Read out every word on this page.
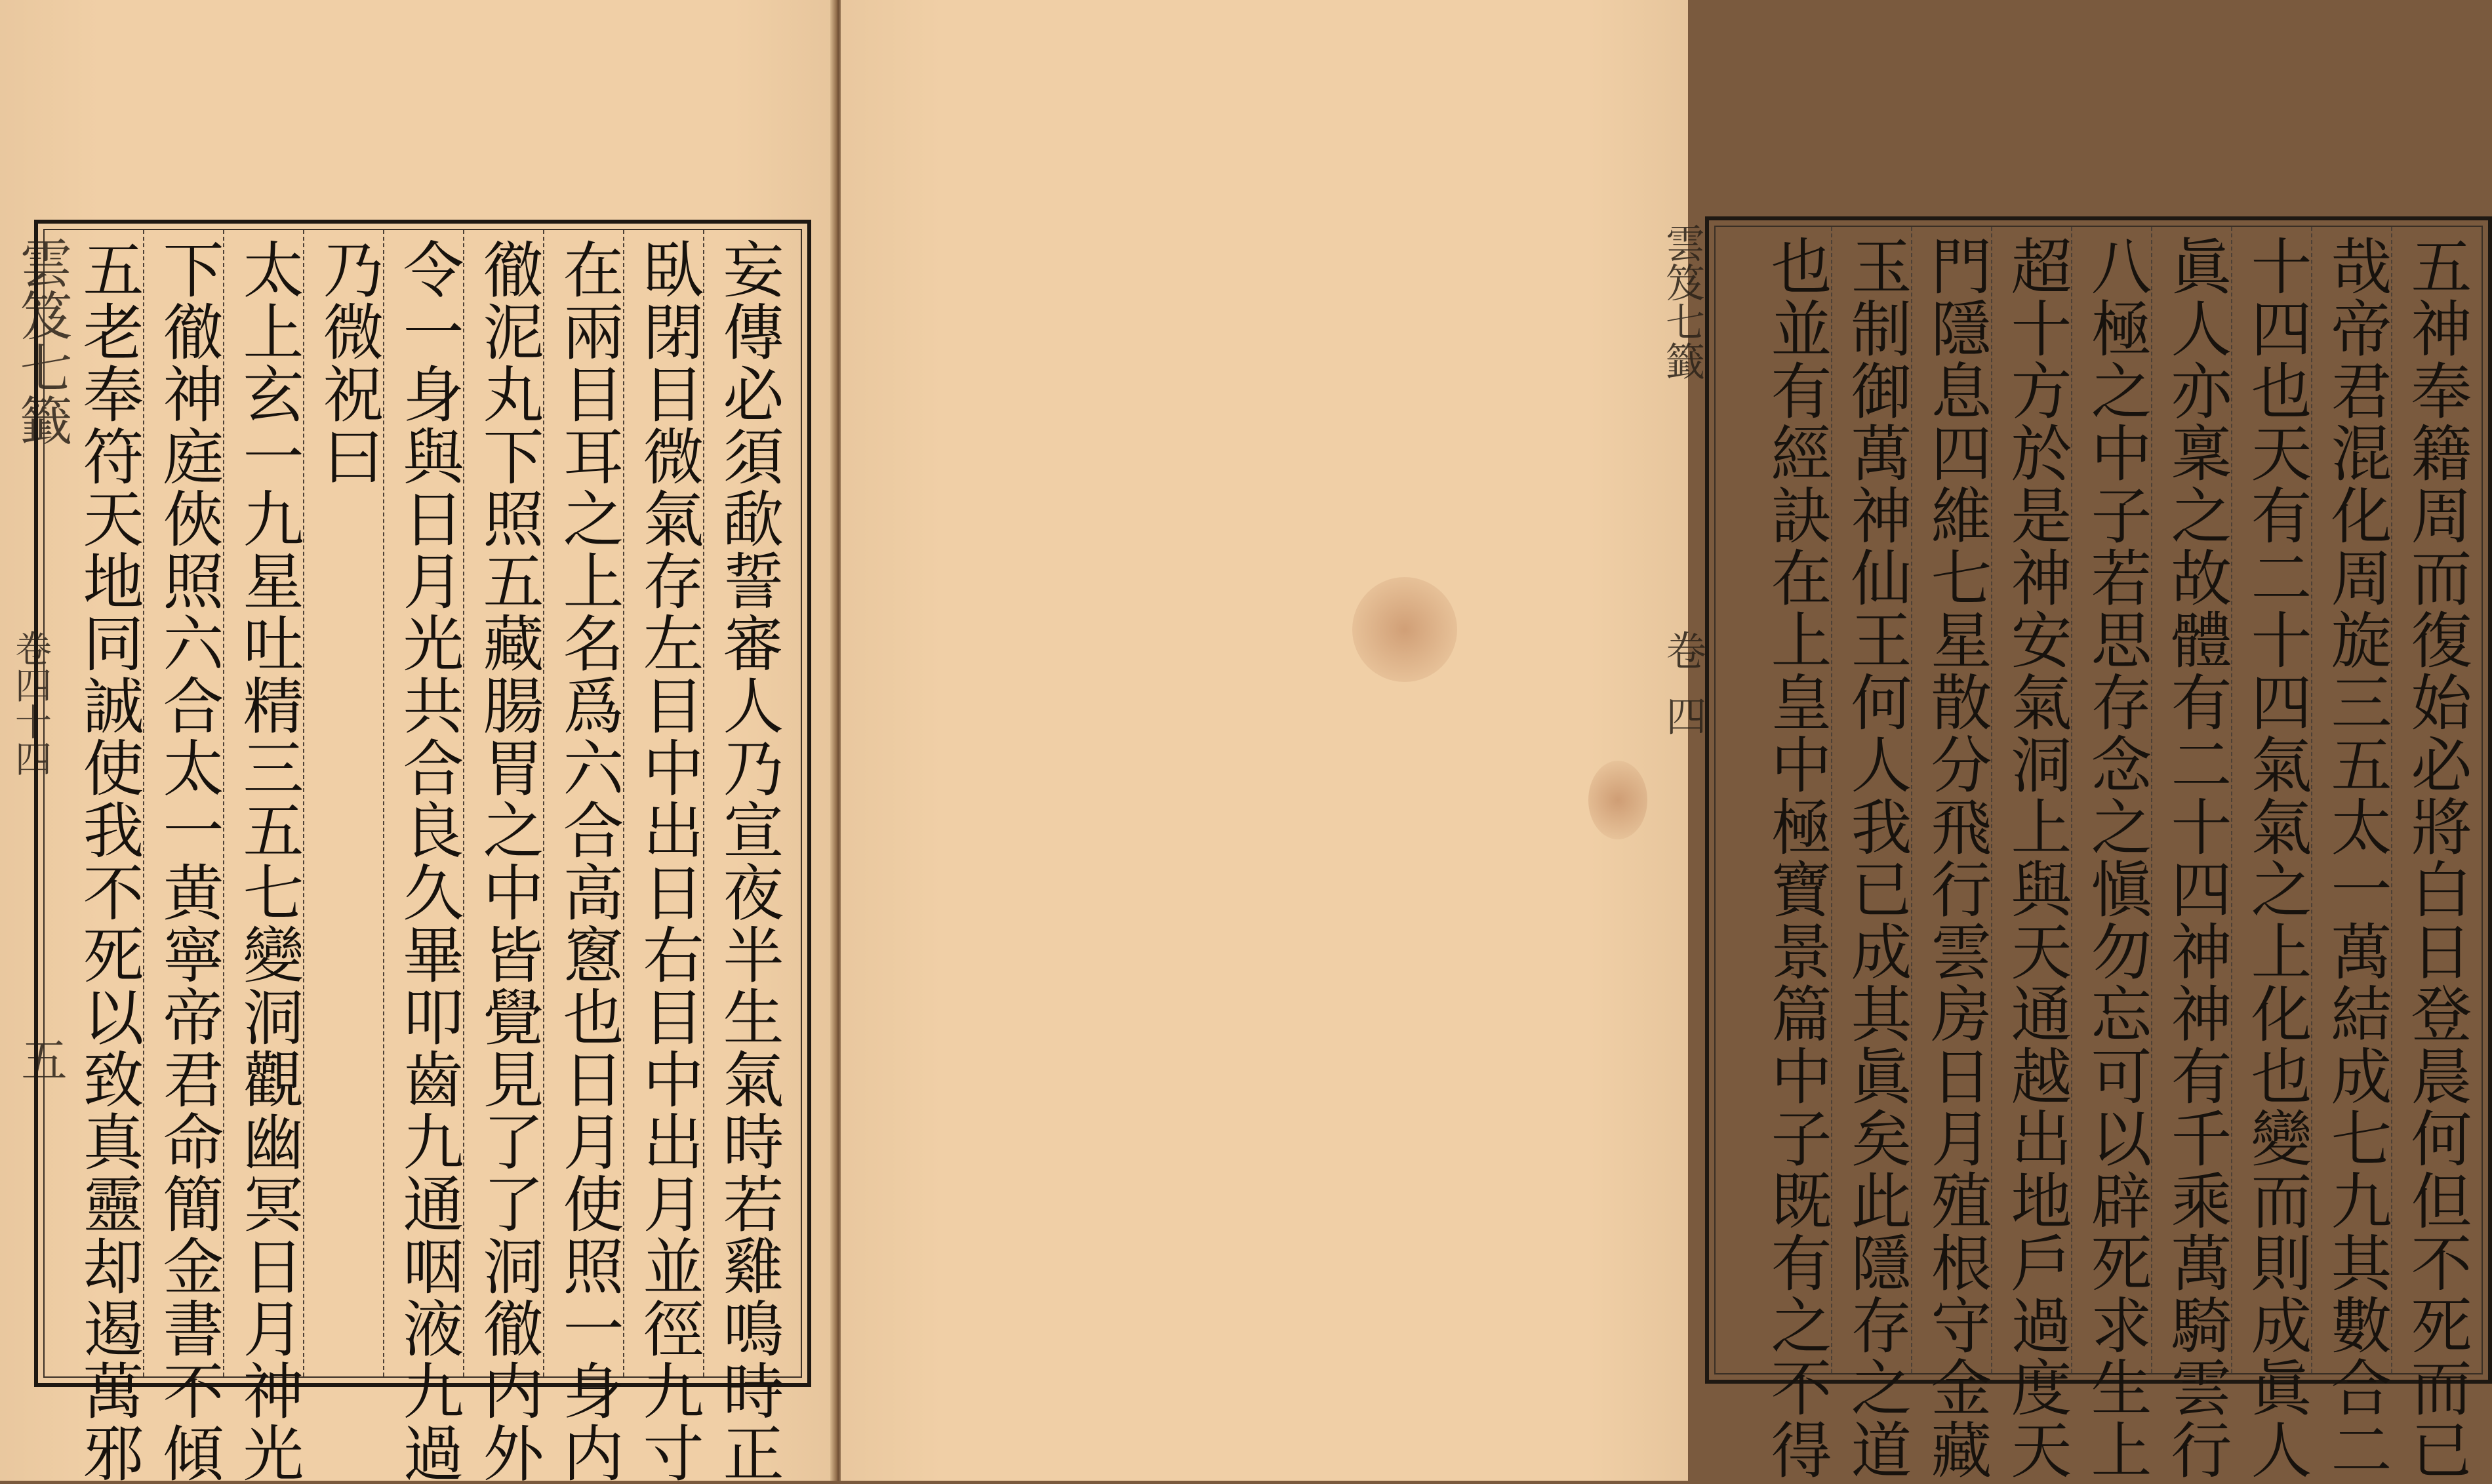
雲笈七籤
卷四十四
五	妄傳必須歃誓審人乃宣夜半生氣時若雞鳴時正
臥閉目微氣存左目中出日右目中出月並徑九寸
在兩目耳之上名爲六合高窻也日月使照一身内
徹泥丸下照五藏腸胃之中皆覺見了了洞徹内外
令一身與日月光共合良久畢叩齒九通咽液九過
乃微祝曰
太上玄一九星吐精三五七變洞觀幽冥日月神光
下徹神庭俠照六合太一黄寧帝君命簡金書不傾
五老奉符天地同誠使我不死以致真靈却遏萬邪	雲笈七籤
卷
四	五神奉籍周而復始必將白日登晨何但不死而已
哉帝君混化周旋三五太一萬結成七九其數合二
十四也天有二十四氣氣之上化也變而則成眞人
眞人亦稟之故體有二十四神神有千乘萬騎雲行
八極之中子若思存念之愼勿忘可以辟死求生上
超十方於是神安氣洞上與天通越出地戶過度天
門隱息四維七星散分飛行雲房日月殖根守金藏
玉制御萬神仙王何人我已成其眞矣此隱存之道
也並有經訣在上皇中極寶景篇中子既有之不得
